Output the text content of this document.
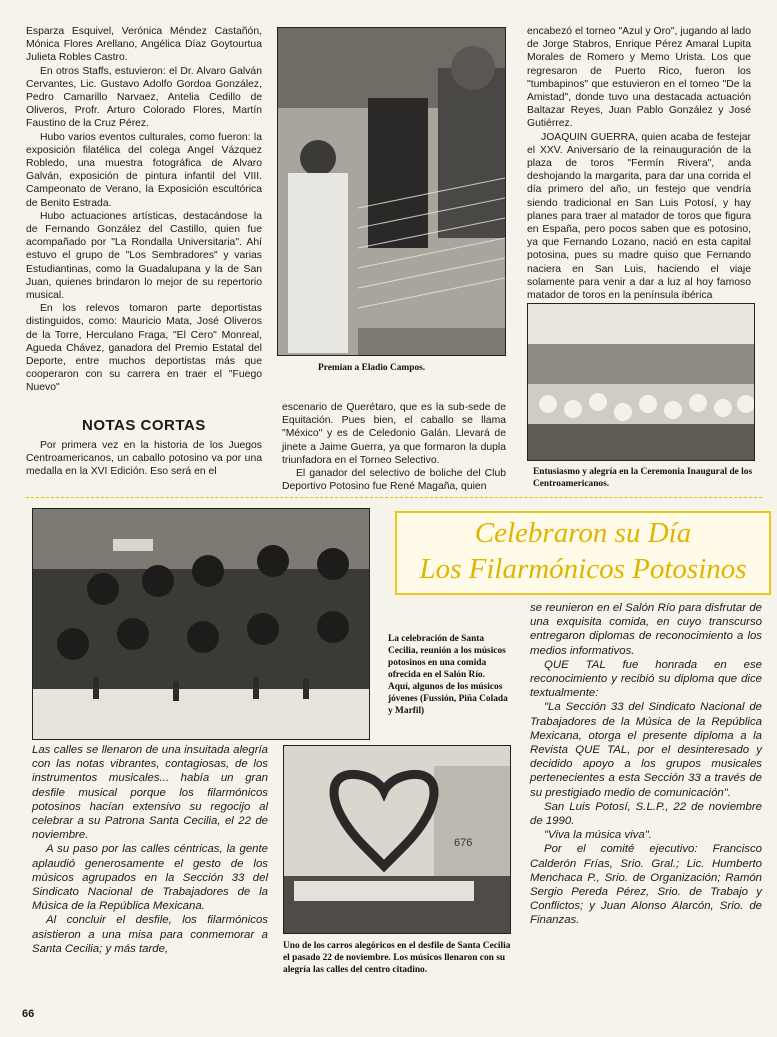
Esparza Esquivel, Verónica Méndez Castañón, Mónica Flores Arellano, Angélica Díaz Goytourtua Julieta Robles Castro.

En otros Staffs, estuvieron: el Dr. Alvaro Galván Cervantes, Lic. Gustavo Adolfo Gordoa González, Pedro Camarillo Narvaez, Antelia Cedillo de Oliveros, Profr. Arturo Colorado Flores, Martín Faustino de la Cruz Pérez.

Hubo varios eventos culturales, como fueron: la exposición filatélica del colega Angel Vázquez Robledo, una muestra fotográfica de Alvaro Galván, exposición de pintura infantil del VIII. Campeonato de Verano, la Exposición escultórica de Benito Estrada.

Hubo actuaciones artísticas, destacándose la de Fernando González del Castillo, quien fue acompañado por "La Rondalla Universitaria". Ahí estuvo el grupo de "Los Sembradores" y varias Estudiantinas, como la Guadalupana y la de San Juan, quienes brindaron lo mejor de su repertorio musical.

En los relevos tomaron parte deportistas distinguidos, como: Mauricio Mata, José Oliveros de la Torre, Herculano Fraga, "El Cero" Monreal, Agueda Chávez, ganadora del Premio Estatal del Deporte, entre muchos deportistas más que cooperaron con su carrera en traer el "Fuego Nuevo"

NOTAS CORTAS

Por primera vez en la historia de los Juegos Centroamericanos, un caballo potosino va por una medalla en la XVI Edición. Eso será en el

Premian a Eladio Campos.

escenario de Querétaro, que es la sub-sede de Equitación. Pues bien, el caballo se llama "México" y es de Celedonio Galán. Llevará de jinete a Jaime Guerra, ya que formaron la dupla triunfadora en el Torneo Selectivo.

El ganador del selectivo de boliche del Club Deportivo Potosino fue René Magaña, quien

encabezó el torneo "Azul y Oro", jugando al lado de Jorge Stabros, Enrique Pérez Amaral Lupita Morales de Romero y Memo Urista. Los que regresaron de Puerto Rico, fueron los "tumbapinos" que estuvieron en el torneo "De la Amistad", donde tuvo una destacada actuación Baltazar Reyes, Juan Pablo González y José Gutiérrez.

JOAQUIN GUERRA, quien acaba de festejar el XXV. Aniversario de la reinauguración de la plaza de toros "Fermín Rivera", anda deshojando la margarita, para dar una corrida el día primero del año, un festejo que vendría siendo tradicional en San Luis Potosí, y hay planes para traer al matador de toros que figura en España, pero pocos saben que es potosino, ya que Fernando Lozano, nació en esta capital potosina, pues su madre quiso que Fernando naciera en San Luis, haciendo el viaje solamente para venir a dar a luz al hoy famoso matador de toros en la península ibérica

Entusiasmo y alegría en la Ceremonia Inaugural de los Centroamericanos.
La celebración de Santa Cecilia, reunión a los músicos potosinos en una comida ofrecida en el Salón Río. Aquí, algunos de los músicos jóvenes (Fussión, Piña Colada y Marfil)
Celebraron su Día
Los Filarmónicos Potosinos

Las calles se llenaron de una insuitada alegría con las notas vibrantes, contagiosas, de los instrumentos musicales... había un gran desfile musical porque los filarmónicos potosinos hacían extensivo su regocijo al celebrar a su Patrona Santa Cecilia, el 22 de noviembre.

A su paso por las calles céntricas, la gente aplaudió generosamente el gesto de los músicos agrupados en la Sección 33 del Sindicato Nacional de Trabajadores de la Música de la República Mexicana.

Al concluir el desfile, los filarmónicos asistieron a una misa para conmemorar a Santa Cecilia; y más tarde,

676
Uno de los carros alegóricos en el desfile de Santa Cecilia el pasado 22 de noviembre. Los músicos llenaron con su alegría las calles del centro citadino.

se reunieron en el Salón Río para disfrutar de una exquisita comida, en cuyo transcurso entregaron diplomas de reconocimiento a los medios informativos.

QUE TAL fue honrada en ese reconocimiento y recibió su diploma que dice textualmente:

"La Sección 33 del Sindicato Nacional de Trabajadores de la Música de la República Mexicana, otorga el presente diploma a la Revista QUE TAL, por el desinteresado y decidido apoyo a los grupos musicales pertenecientes a esta Sección 33 a través de su prestigiado medio de comunicación".

San Luis Potosí, S.L.P., 22 de noviembre de 1990.

"Viva la música viva".

Por el comité ejecutivo: Francisco Calderón Frías, Srio. Gral.; Lic. Humberto Menchaca P., Srio. de Organización; Ramón Sergio Pereda Pérez, Srio. de Trabajo y Conflictos; y Juan Alonso Alarcón, Srio. de Finanzas.

66
